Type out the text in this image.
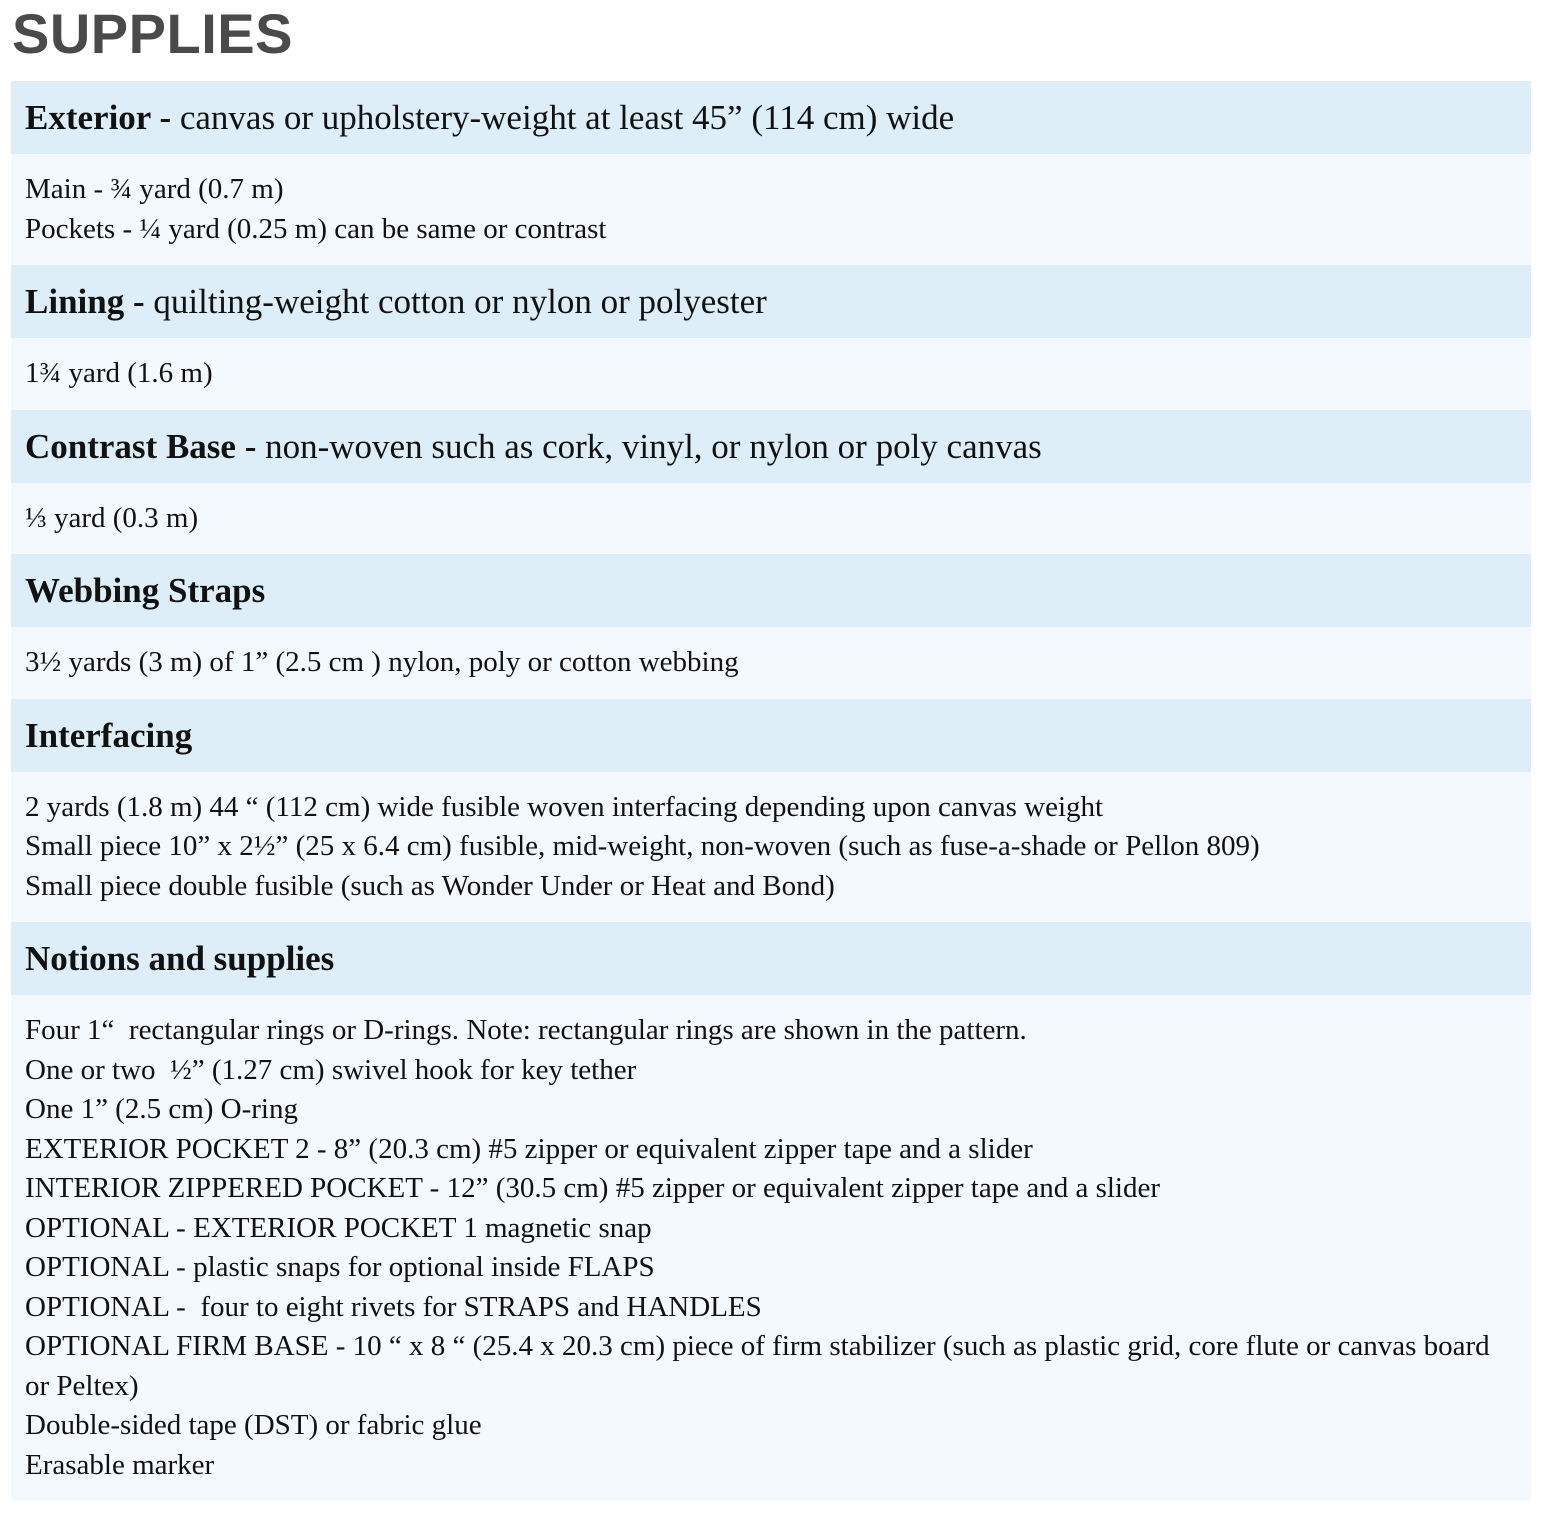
SUPPLIES
Exterior - canvas or upholstery-weight at least 45” (114 cm) wide
Main - ¾ yard (0.7 m)
Pockets - ¼ yard (0.25 m) can be same or contrast
Lining - quilting-weight cotton or nylon or polyester
1¾ yard (1.6 m)
Contrast Base - non-woven such as cork, vinyl, or nylon or poly canvas
⅓ yard (0.3 m)
Webbing Straps
3½ yards (3 m) of 1” (2.5 cm ) nylon, poly or cotton webbing
Interfacing
2 yards (1.8 m) 44 “ (112 cm) wide fusible woven interfacing depending upon canvas weight
Small piece 10” x 2½” (25 x 6.4 cm) fusible, mid-weight, non-woven (such as fuse-a-shade or Pellon 809)
Small piece double fusible (such as Wonder Under or Heat and Bond)
Notions and supplies
Four 1“  rectangular rings or D-rings. Note: rectangular rings are shown in the pattern.
One or two  ½” (1.27 cm) swivel hook for key tether
One 1” (2.5 cm) O-ring
EXTERIOR POCKET 2 - 8” (20.3 cm) #5 zipper or equivalent zipper tape and a slider
INTERIOR ZIPPERED POCKET - 12” (30.5 cm) #5 zipper or equivalent zipper tape and a slider
OPTIONAL - EXTERIOR POCKET 1 magnetic snap
OPTIONAL - plastic snaps for optional inside FLAPS
OPTIONAL -  four to eight rivets for STRAPS and HANDLES
OPTIONAL FIRM BASE - 10 “ x 8 “ (25.4 x 20.3 cm) piece of firm stabilizer (such as plastic grid, core flute or canvas board or Peltex)
Double-sided tape (DST) or fabric glue
Erasable marker
